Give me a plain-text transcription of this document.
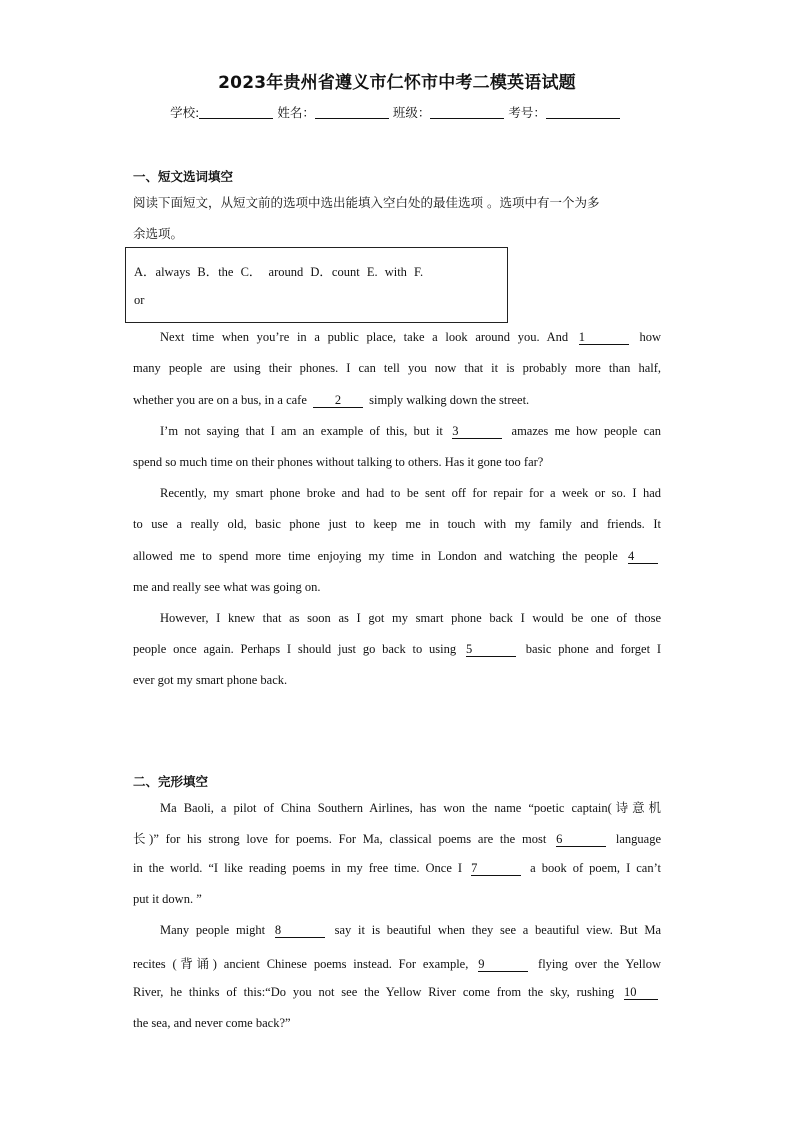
2023年贵州省遵义市仁怀市中考二模英语试题
学校:	姓名：	班级：	考号：
一、短文选词填空
阅读下面短文，从短文前的选项中选出能填入空白处的最佳选项 。选项中有一个为多
余选项。
A．always B．the C． around D．count E. with F.
or
Next time when you’re in a public place, take a look around you. And 1	how
many people are using their phones. I can tell you now that it is probably more than half,
whether you are on a bus, in a cafe 2 simply walking down the street.
I’m not saying that I am an example of this, but it 3	amazes me how people can
spend so much time on their phones without talking to others. Has it gone too far?
Recently, my smart phone broke and had to be sent off for repair for a week or so. I had
to use a really old, basic phone just to keep me in touch with my family and friends. It
allowed me to spend more time enjoying my time in London and watching the people 4
me and really see what was going on.
However, I knew that as soon as I got my smart phone back I would be one of those
people once again. Perhaps I should just go back to using 5	basic phone and forget I
ever got my smart phone back.
二、完形填空
Ma Baoli, a pilot of China Southern Airlines, has won the name “poetic captain(诗意机
长)” for his strong love for poems. For Ma, classical poems are the most 6	language
in the world. “I like reading poems in my free time. Once I 7	a book of poem, I can’t
put it down. ”
Many people might 8	say it is beautiful when they see a beautiful view. But Ma
recites (背诵) ancient Chinese poems instead. For example, 9	flying over the Yellow
River, he thinks of this:“Do you not see the Yellow River come from the sky, rushing 10
the sea, and never come back?”
